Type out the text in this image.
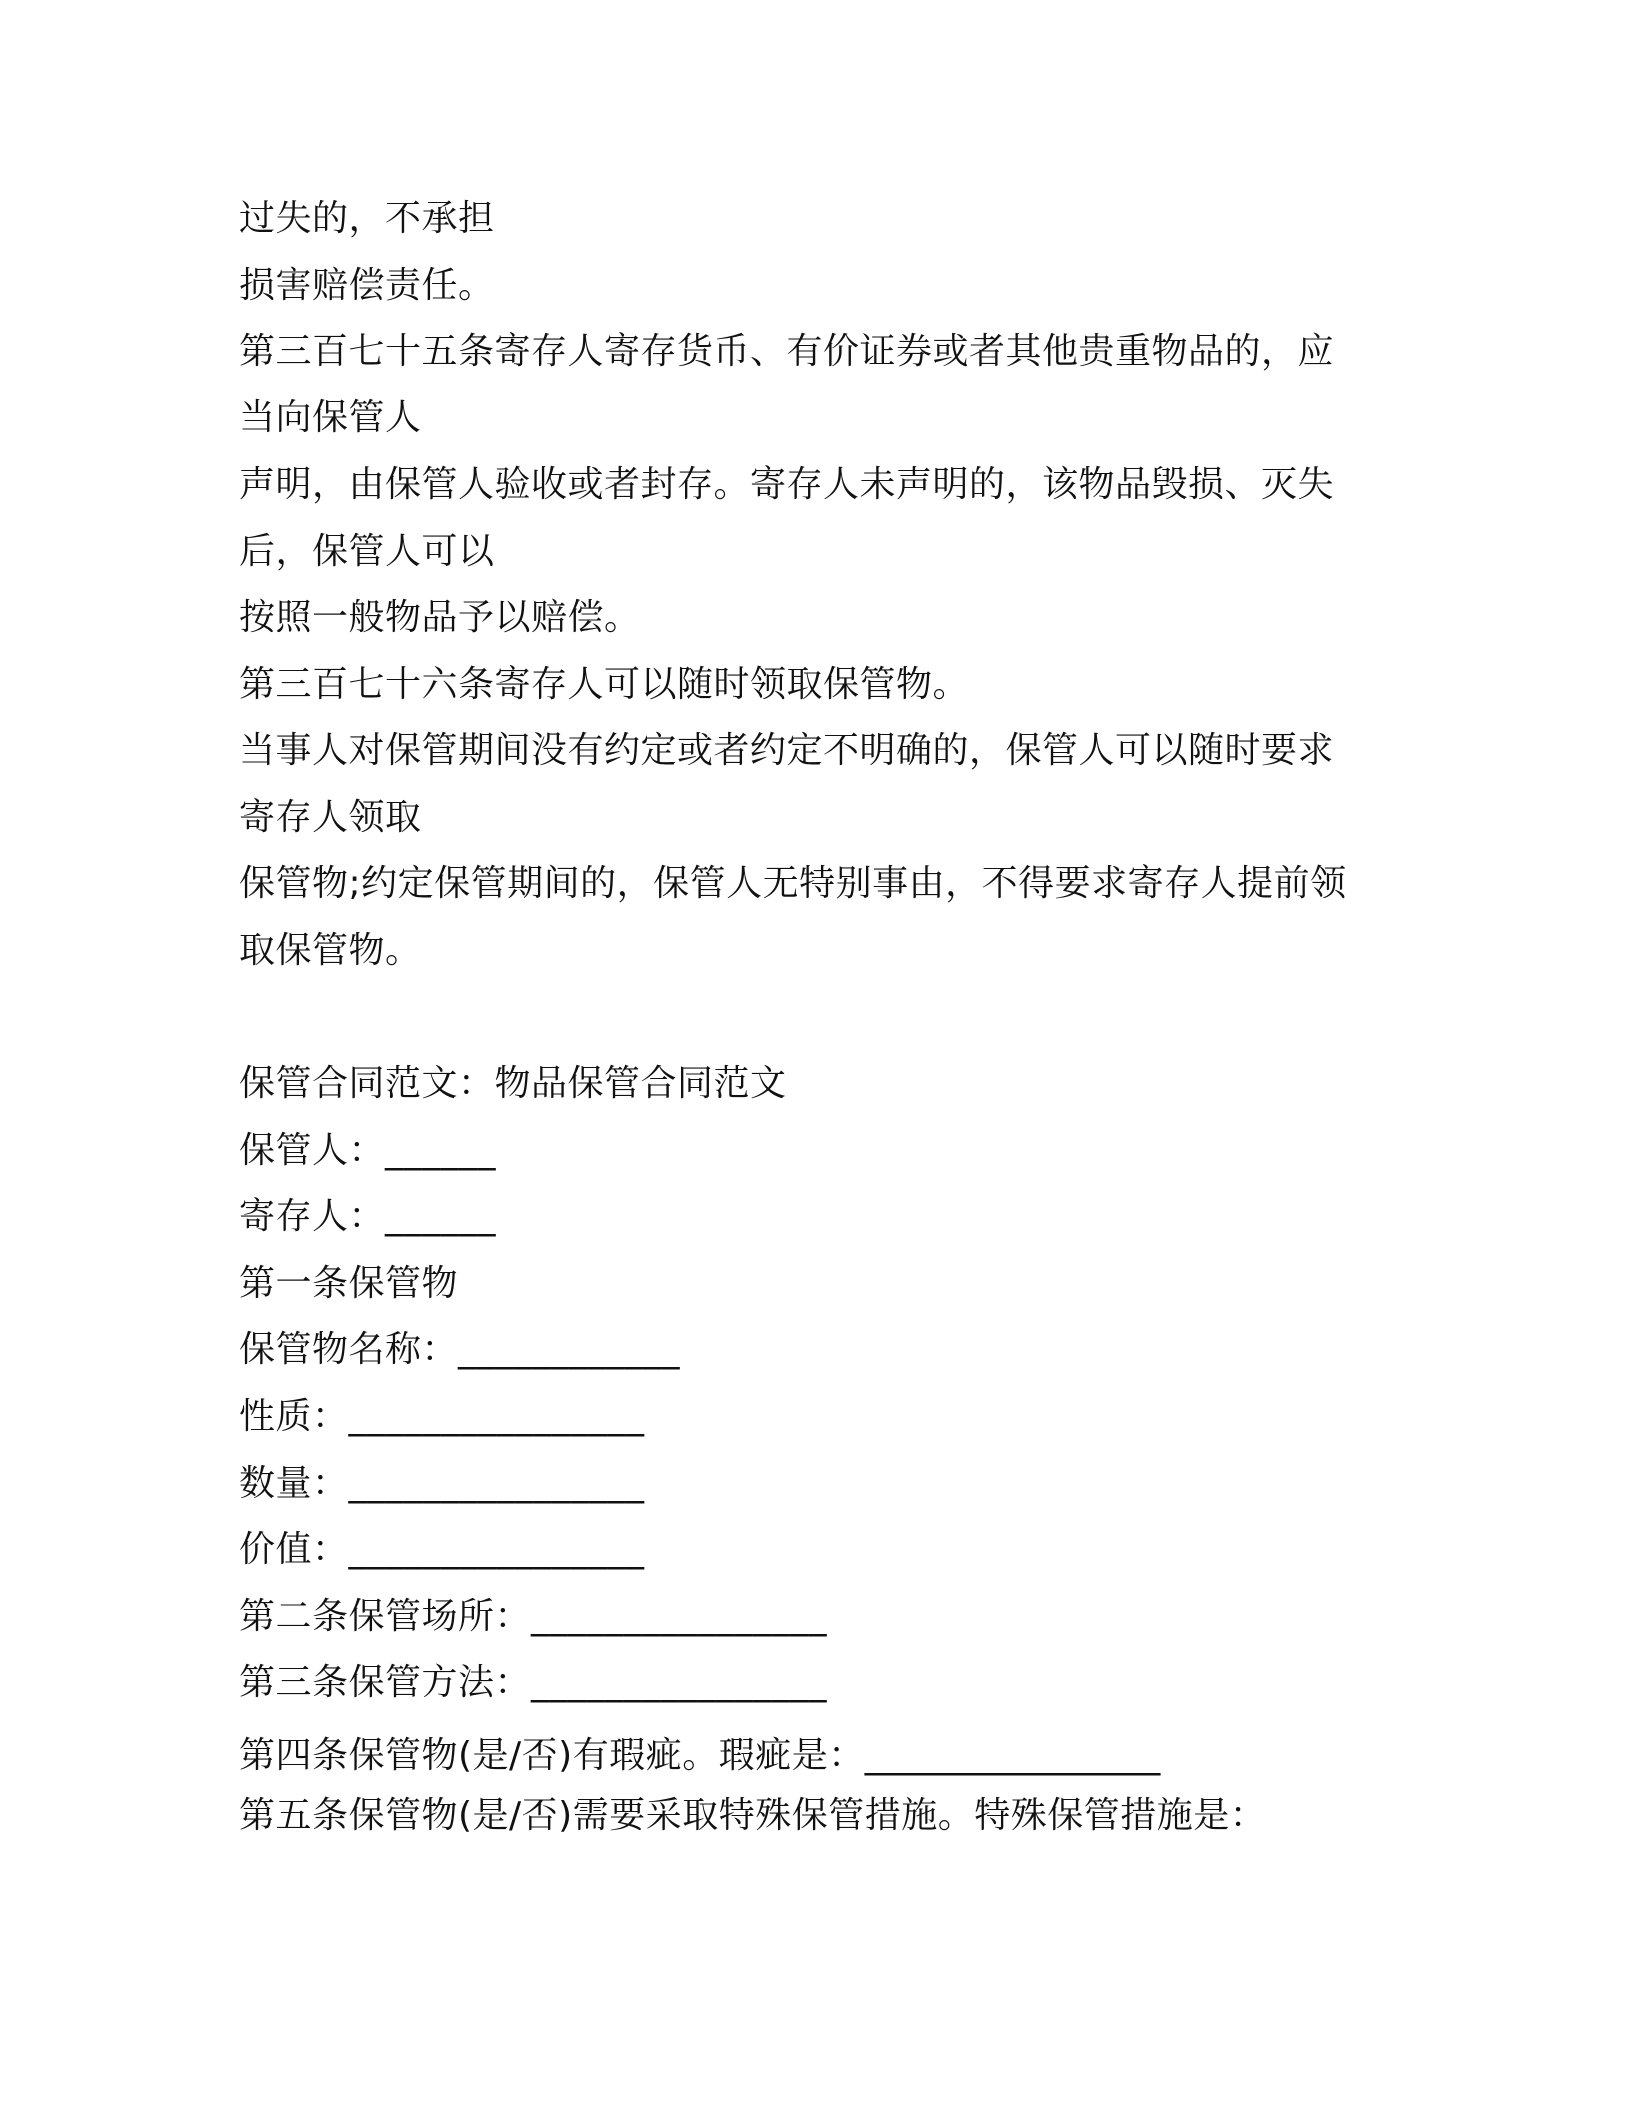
过失的，不承担
损害赔偿责任。
第三百七十五条寄存人寄存货币、有价证券或者其他贵重物品的，应
当向保管人
声明，由保管人验收或者封存。寄存人未声明的，该物品毁损、灭失
后，保管人可以
按照一般物品予以赔偿。
第三百七十六条寄存人可以随时领取保管物。
当事人对保管期间没有约定或者约定不明确的，保管人可以随时要求
寄存人领取
保管物;约定保管期间的，保管人无特别事由，不得要求寄存人提前领
取保管物。
保管合同范文：物品保管合同范文
保管人：______
寄存人：______
第一条保管物
保管物名称：____________
性质：________________
数量：________________
价值：________________
第二条保管场所：________________
第三条保管方法：________________
第四条保管物(是/否)有瑕疵。瑕疵是：________________
第五条保管物(是/否)需要采取特殊保管措施。特殊保管措施是：
